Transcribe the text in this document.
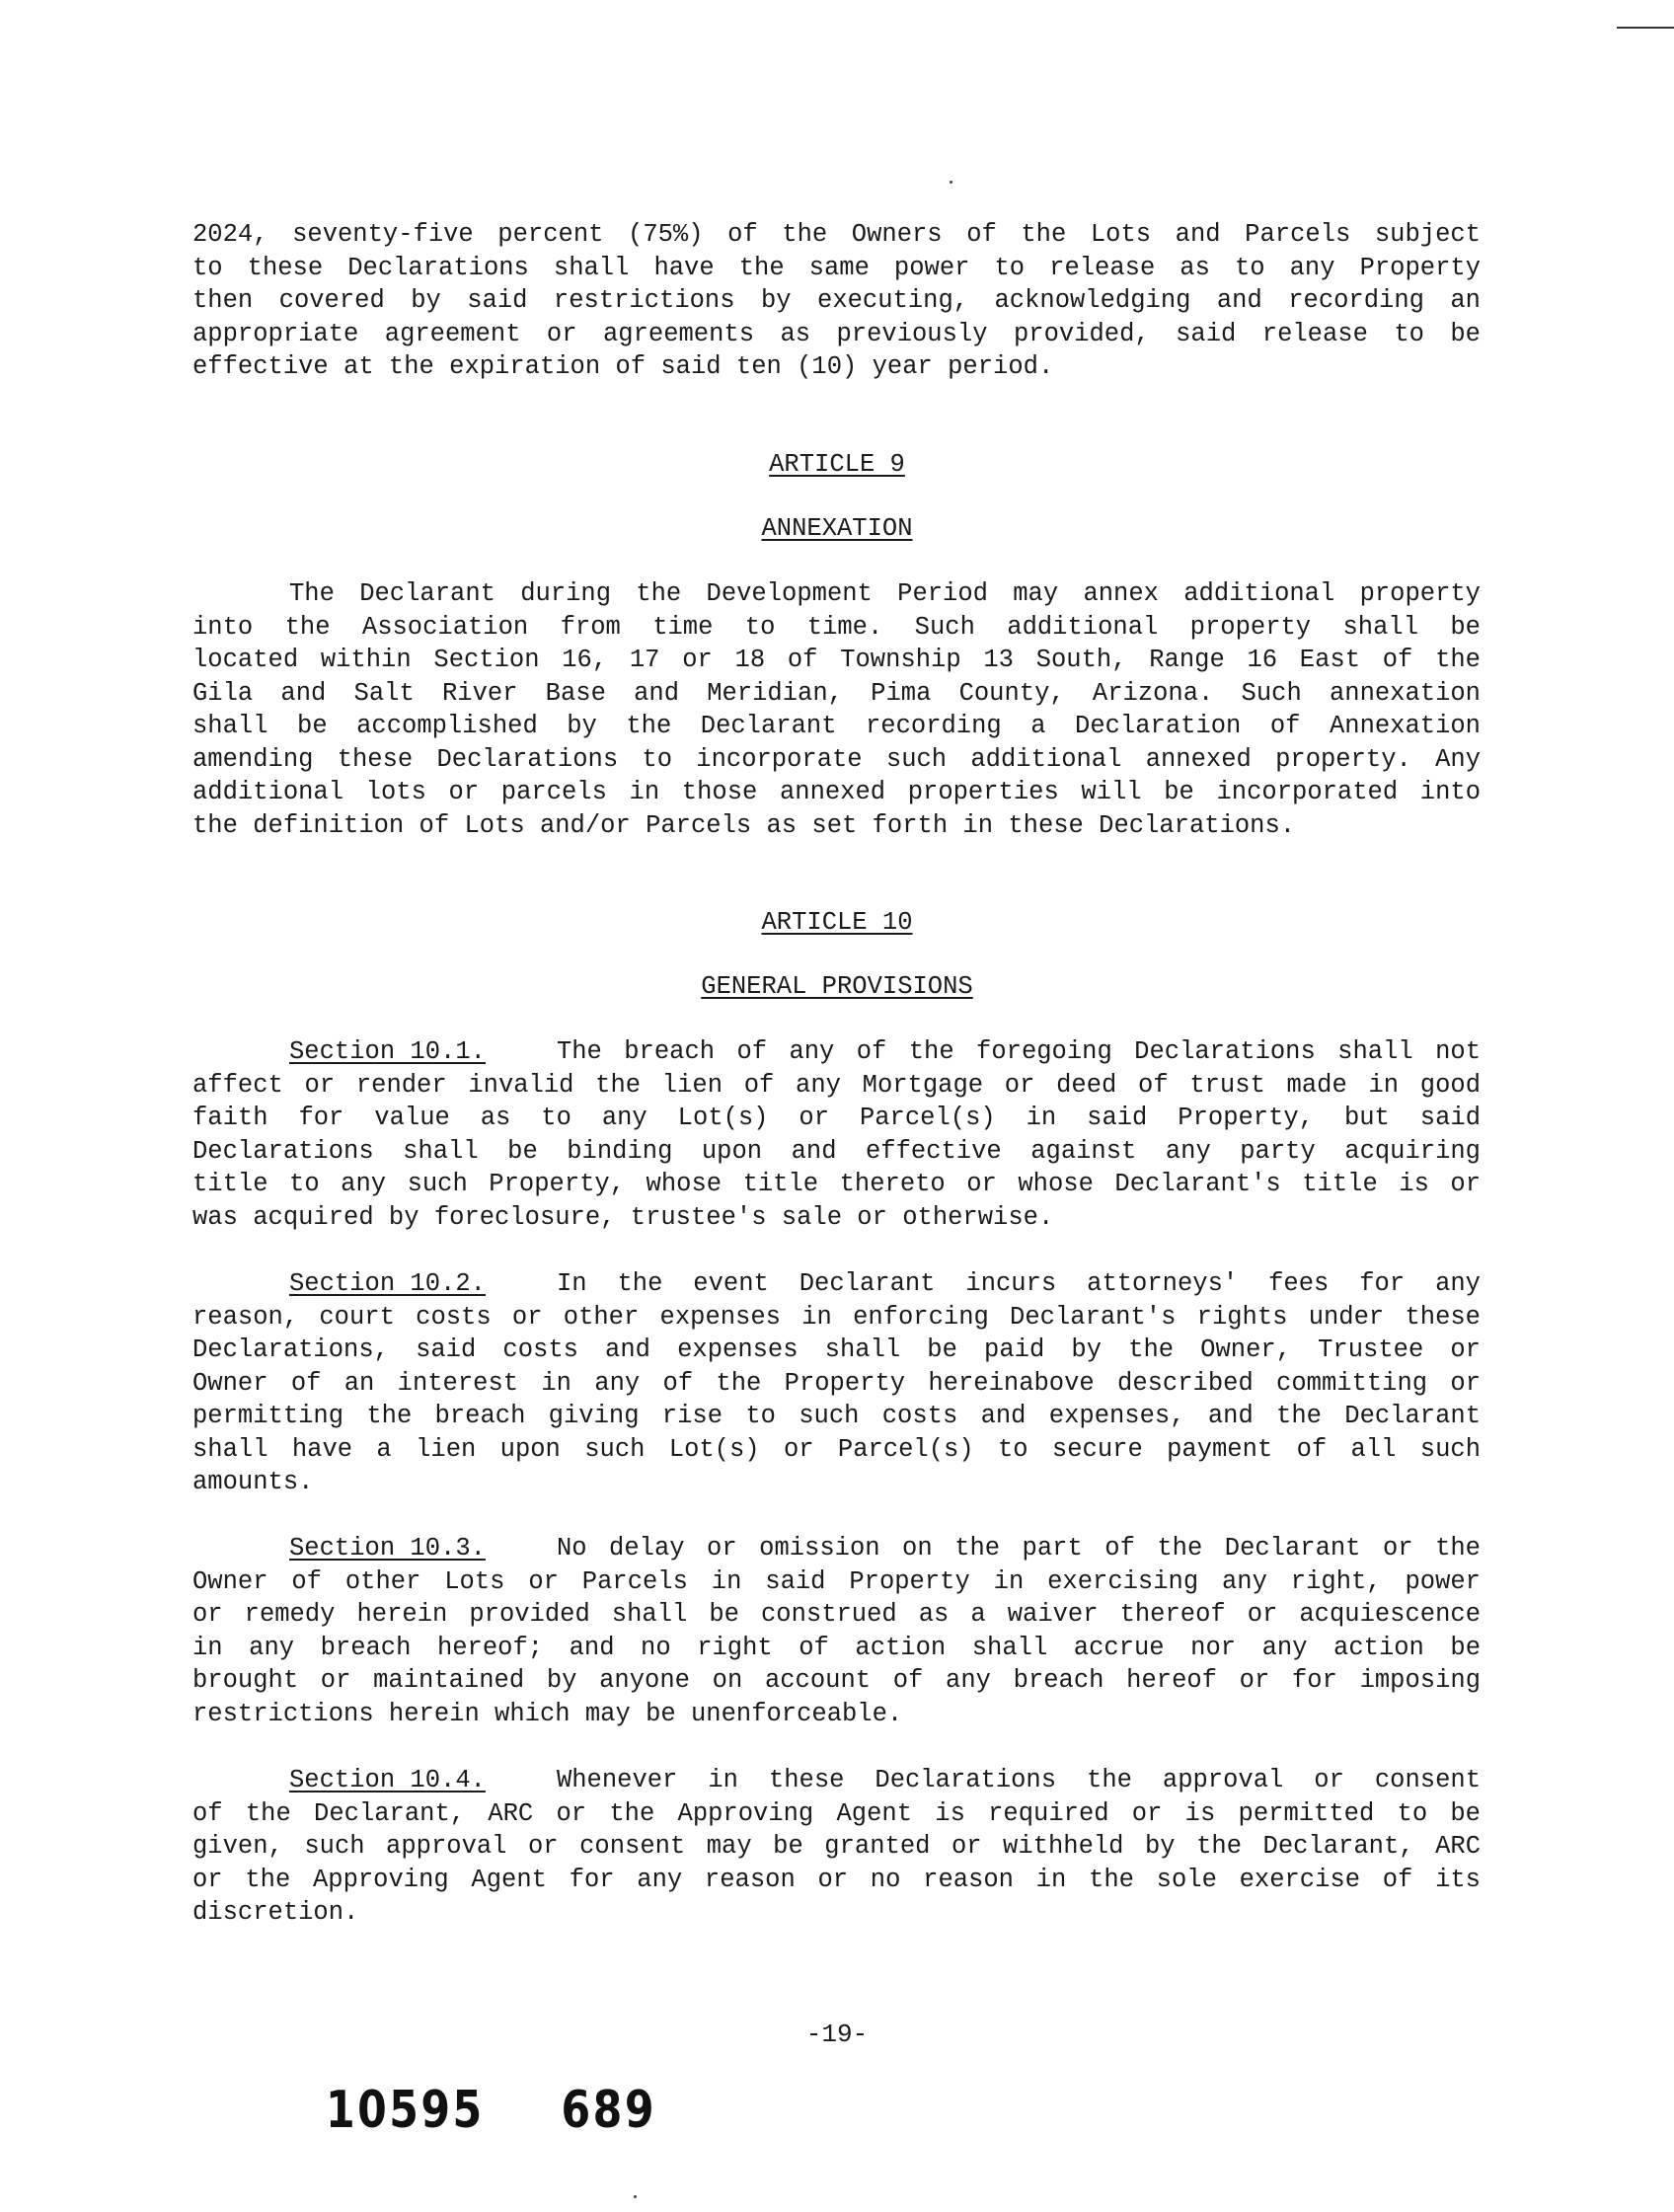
2024, seventy-five percent (75%) of the Owners of the Lots and Parcels subject
to these Declarations shall have the same power to release as to any Property
then covered by said restrictions by executing, acknowledging and recording an
appropriate agreement or agreements as previously provided, said release to be
effective at the expiration of said ten (10) year period.
ARTICLE 9
ANNEXATION
The Declarant during the Development Period may annex additional property
into the Association from time to time. Such additional property shall be
located within Section 16, 17 or 18 of Township 13 South, Range 16 East of the
Gila and Salt River Base and Meridian, Pima County, Arizona. Such annexation
shall be accomplished by the Declarant recording a Declaration of Annexation
amending these Declarations to incorporate such additional annexed property. Any
additional lots or parcels in those annexed properties will be incorporated into
the definition of Lots and/or Parcels as set forth in these Declarations.
ARTICLE 10
GENERAL PROVISIONS
Section 10.1.	The breach of any of the foregoing Declarations shall not
affect or render invalid the lien of any Mortgage or deed of trust made in good
faith for value as to any Lot(s) or Parcel(s) in said Property, but said
Declarations shall be binding upon and effective against any party acquiring
title to any such Property, whose title thereto or whose Declarant's title is or
was acquired by foreclosure, trustee's sale or otherwise.
Section 10.2.	In the event Declarant incurs attorneys' fees for any
reason, court costs or other expenses in enforcing Declarant's rights under these
Declarations, said costs and expenses shall be paid by the Owner, Trustee or
Owner of an interest in any of the Property hereinabove described committing or
permitting the breach giving rise to such costs and expenses, and the Declarant
shall have a lien upon such Lot(s) or Parcel(s) to secure payment of all such
amounts.
Section 10.3.	No delay or omission on the part of the Declarant or the
Owner of other Lots or Parcels in said Property in exercising any right, power
or remedy herein provided shall be construed as a waiver thereof or acquiescence
in any breach hereof; and no right of action shall accrue nor any action be
brought or maintained by anyone on account of any breach hereof or for imposing
restrictions herein which may be unenforceable.
Section 10.4.	Whenever in these Declarations the approval or consent
of the Declarant, ARC or the Approving Agent is required or is permitted to be
given, such approval or consent may be granted or withheld by the Declarant, ARC
or the Approving Agent for any reason or no reason in the sole exercise of its
discretion.
-19-
10595 689
